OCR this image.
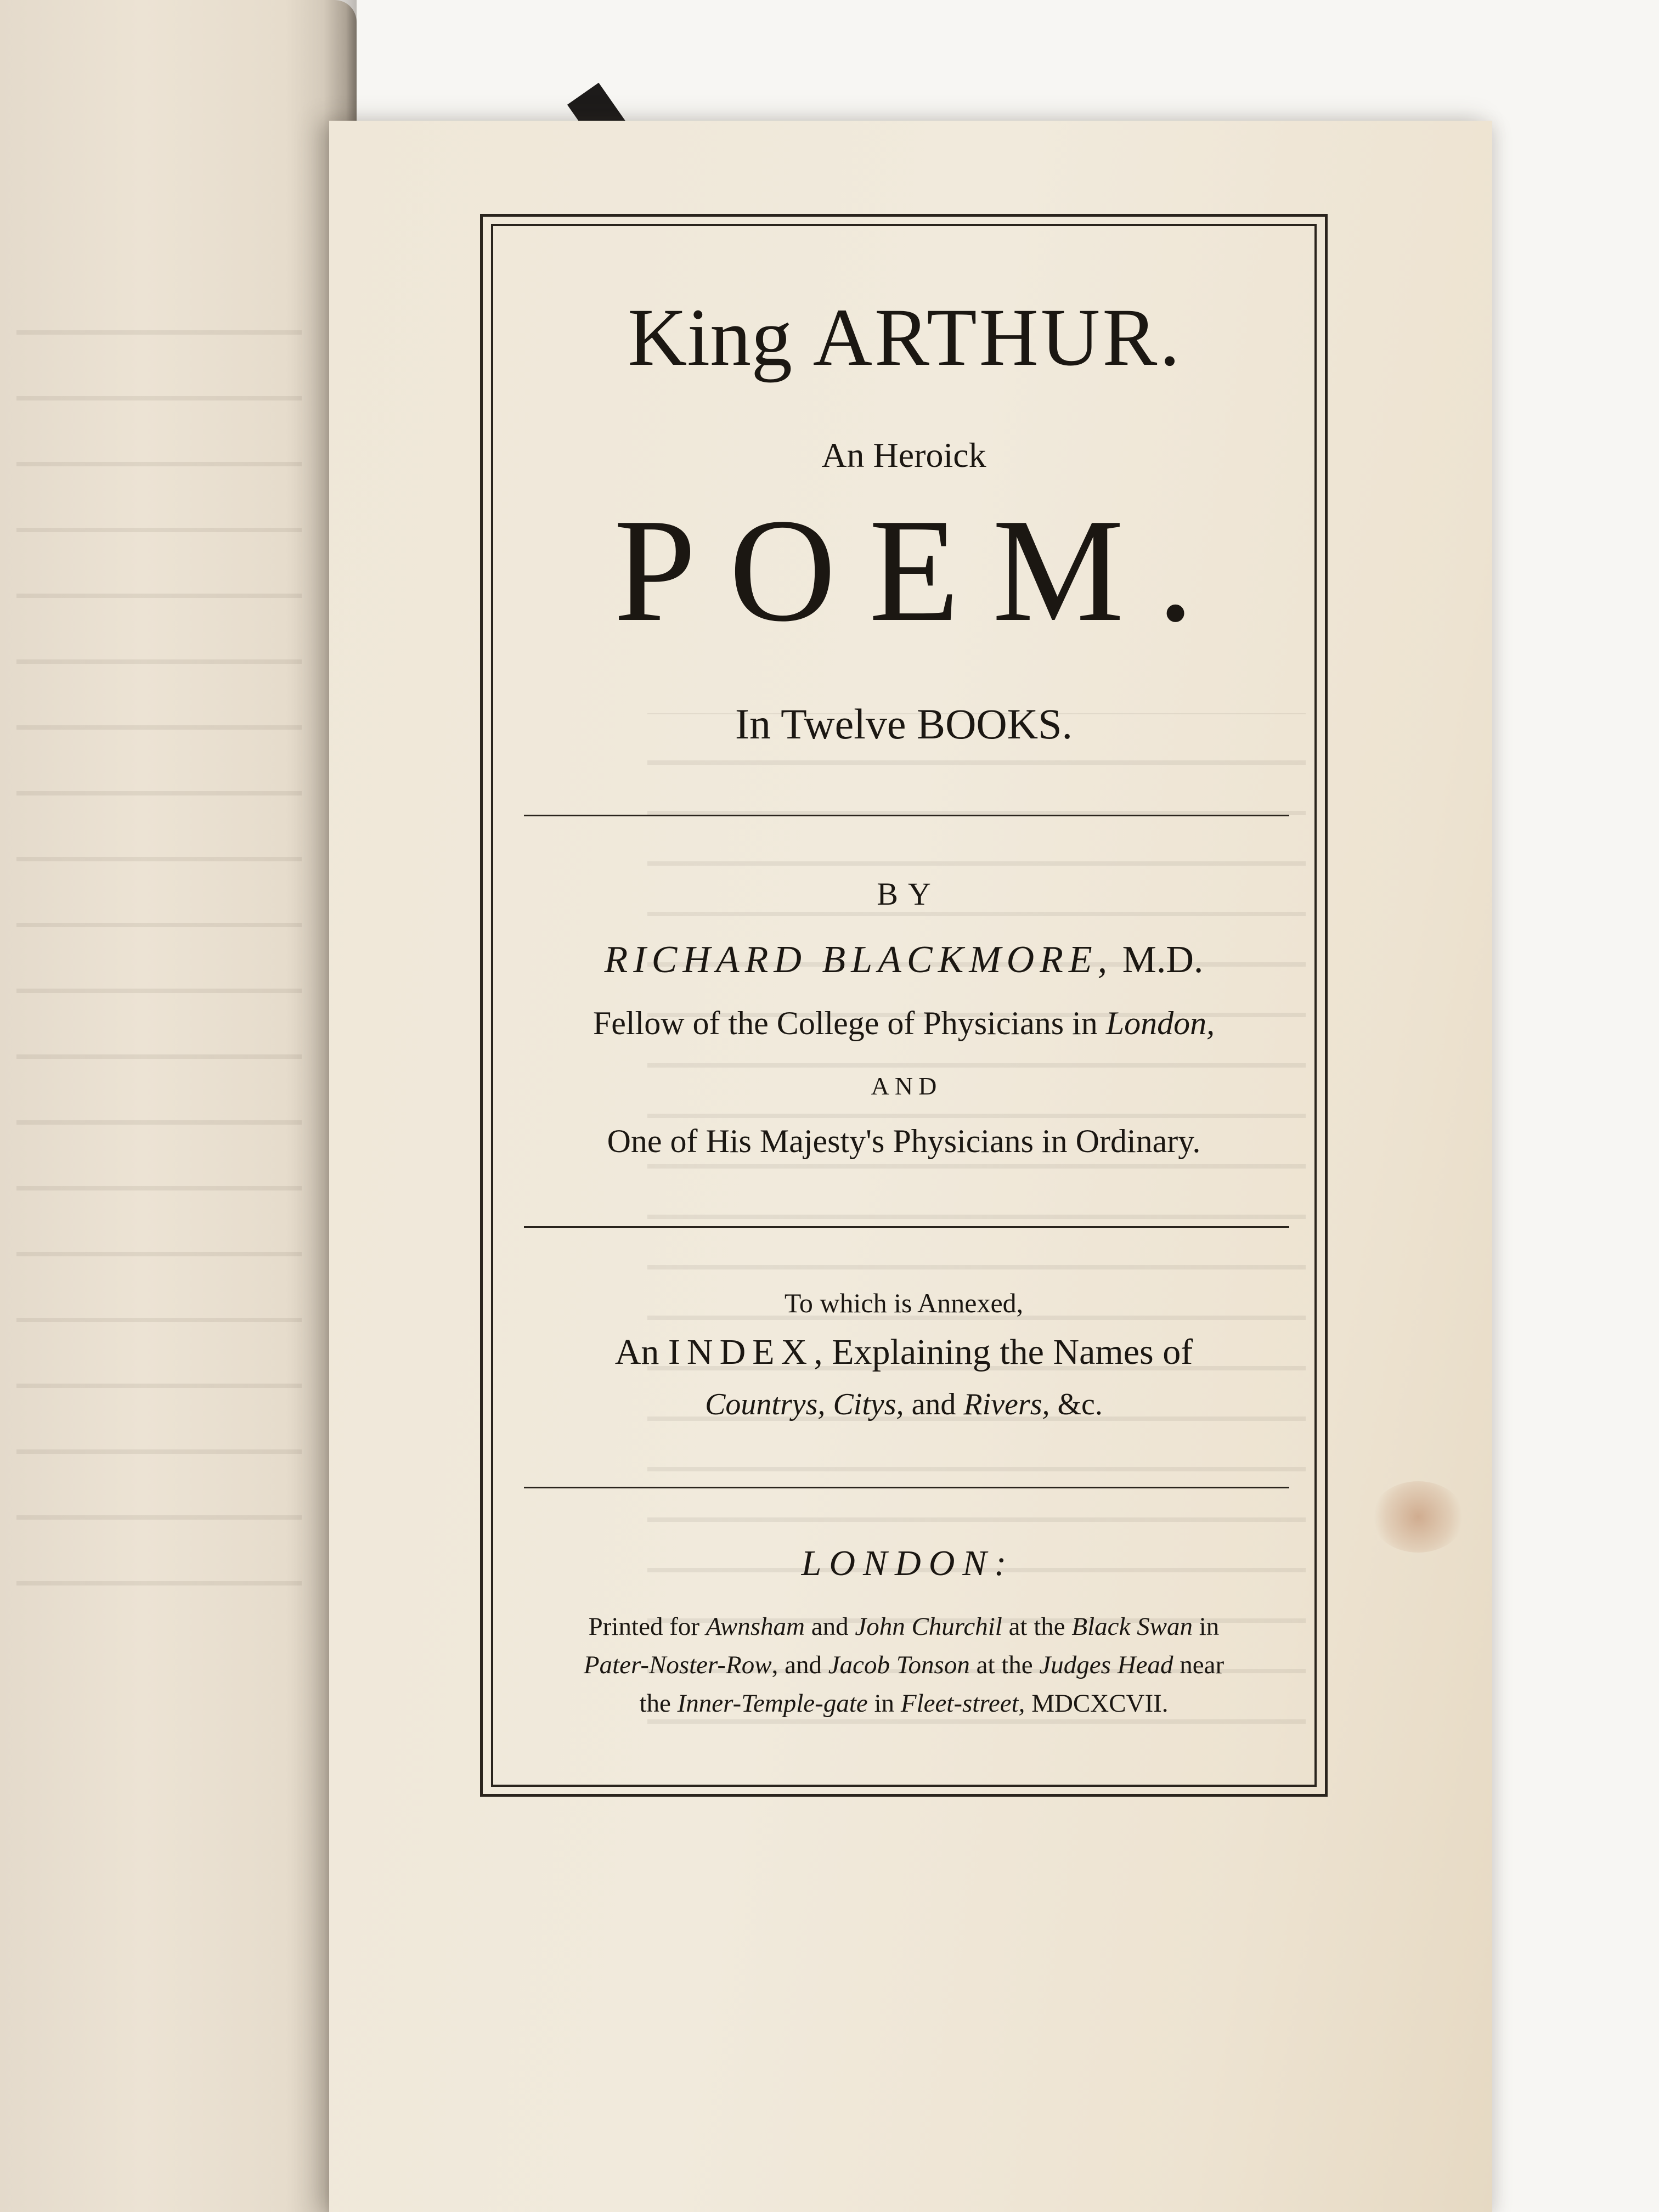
King ARTHUR.

An Heroick

POEM.

In Twelve BOOKS.

BY

RICHARD BLACKMORE, M.D.

Fellow of the College of Physicians in London,

AND

One of His Majesty's Physicians in Ordinary.

To which is Annexed,

An INDEX, Explaining the Names of

Countrys, Citys, and Rivers, &c.

LONDON:

Printed for Awnsham and John Churchil at the Black Swan in

Pater-Noster-Row, and Jacob Tonson at the Judges Head near

the Inner-Temple-gate in Fleet-street, MDCXCVII.
